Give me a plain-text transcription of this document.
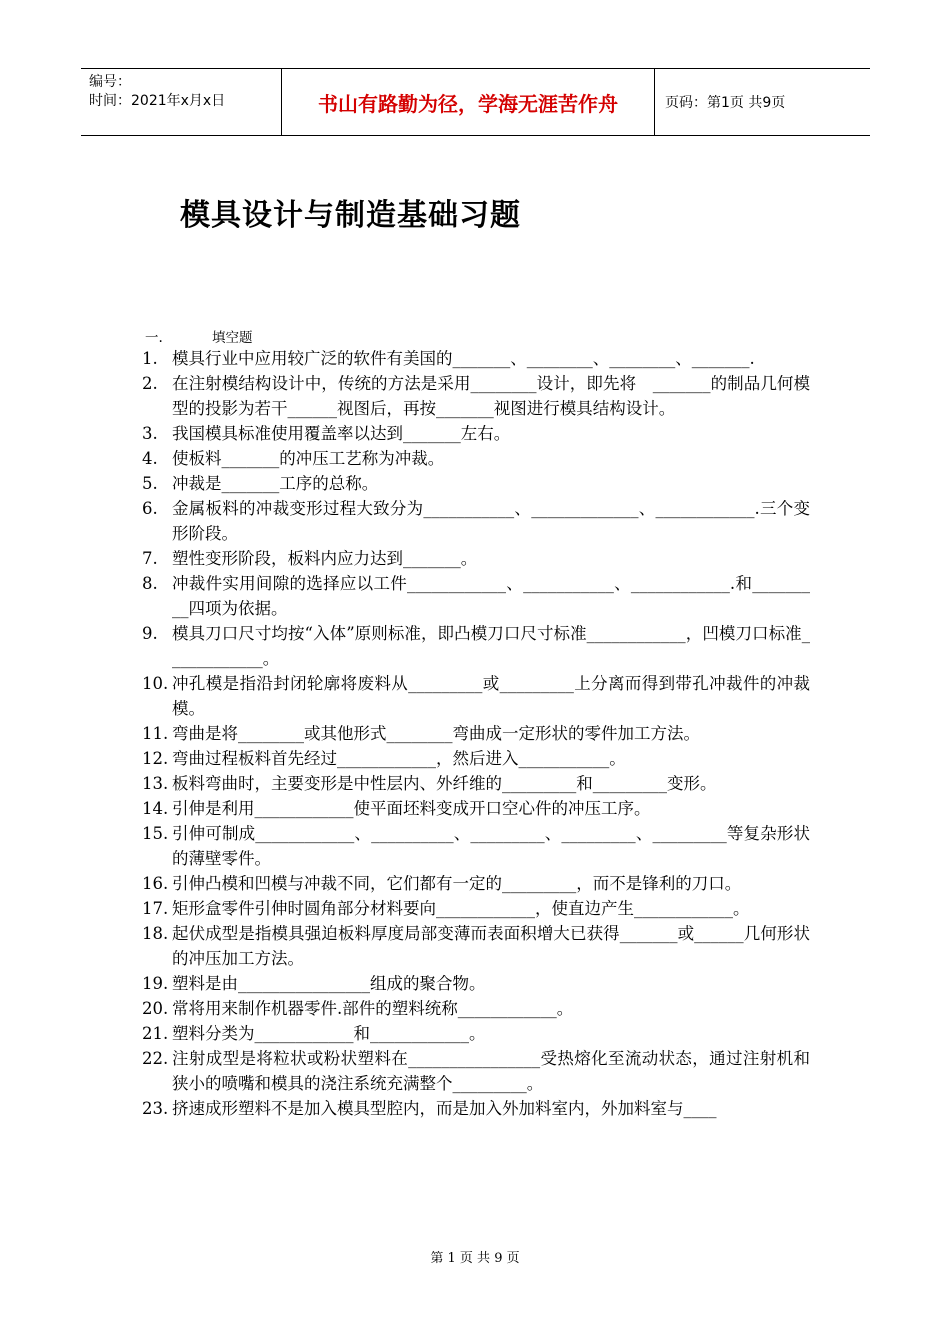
编号：
时间：2021年x月x日	书山有路勤为径，学海无涯苦作舟	页码：第1页 共9页
模具设计与制造基础习题
一.	填空题
1. 模具行业中应用较广泛的软件有美国的_______、________、________、_______.
2. 在注射模结构设计中，传统的方法是采用________设计，即先将　_______的制品几何模型的投影为若干______视图后，再按_______视图进行模具结构设计。
3. 我国模具标准使用覆盖率以达到_______左右。
4. 使板料_______的冲压工艺称为冲裁。
5. 冲裁是_______工序的总称。
6. 金属板料的冲裁变形过程大致分为___________、_____________、____________.三个变形阶段。
7. 塑性变形阶段，板料内应力达到_______。
8. 冲裁件实用间隙的选择应以工件____________、___________、____________.和_________四项为依据。
9. 模具刀口尺寸均按“入体”原则标准，即凸模刀口尺寸标准____________，凹模刀口标准____________。
10. 冲孔模是指沿封闭轮廓将废料从_________或_________上分离而得到带孔冲裁件的冲裁模。
11. 弯曲是将________或其他形式________弯曲成一定形状的零件加工方法。
12. 弯曲过程板料首先经过____________，然后进入___________。
13. 板料弯曲时，主要变形是中性层内、外纤维的_________和_________变形。
14. 引伸是利用____________使平面坯料变成开口空心件的冲压工序。
15. 引伸可制成____________、__________、_________、_________、_________等复杂形状的薄壁零件。
16. 引伸凸模和凹模与冲裁不同，它们都有一定的_________，而不是锋利的刀口。
17. 矩形盒零件引伸时圆角部分材料要向____________，使直边产生____________。
18. 起伏成型是指模具强迫板料厚度局部变薄而表面积增大已获得_______或______几何形状的冲压加工方法。
19. 塑料是由________________组成的聚合物。
20. 常将用来制作机器零件.部件的塑料统称____________。
21. 塑料分类为____________和____________。
22. 注射成型是将粒状或粉状塑料在________________受热熔化至流动状态，通过注射机和狭小的喷嘴和模具的浇注系统充满整个_________。
23. 挤速成形塑料不是加入模具型腔内，而是加入外加料室内，外加料室与____
第 1 页 共 9 页
